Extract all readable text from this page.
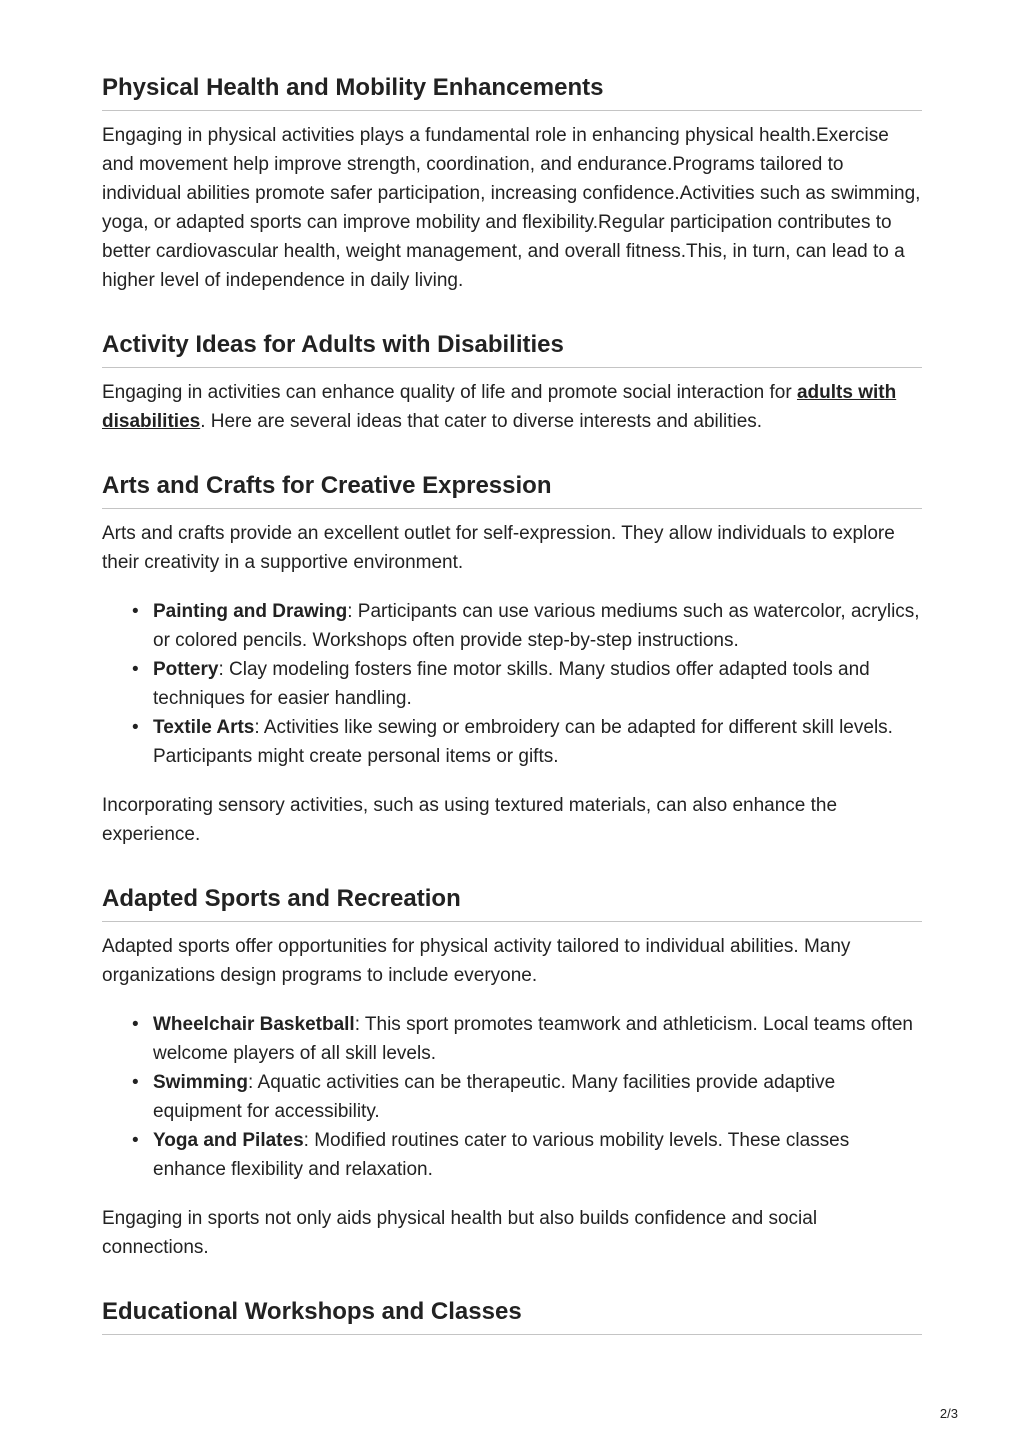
Physical Health and Mobility Enhancements

Engaging in physical activities plays a fundamental role in enhancing physical health.Exercise and movement help improve strength, coordination, and endurance.Programs tailored to individual abilities promote safer participation, increasing confidence.Activities such as swimming, yoga, or adapted sports can improve mobility and flexibility.Regular participation contributes to better cardiovascular health, weight management, and overall fitness.This, in turn, can lead to a higher level of independence in daily living.

Activity Ideas for Adults with Disabilities

Engaging in activities can enhance quality of life and promote social interaction for adults with disabilities. Here are several ideas that cater to diverse interests and abilities.

Arts and Crafts for Creative Expression

Arts and crafts provide an excellent outlet for self-expression. They allow individuals to explore their creativity in a supportive environment.

• Painting and Drawing: Participants can use various mediums such as watercolor, acrylics, or colored pencils. Workshops often provide step-by-step instructions.
• Pottery: Clay modeling fosters fine motor skills. Many studios offer adapted tools and techniques for easier handling.
• Textile Arts: Activities like sewing or embroidery can be adapted for different skill levels. Participants might create personal items or gifts.

Incorporating sensory activities, such as using textured materials, can also enhance the experience.

Adapted Sports and Recreation

Adapted sports offer opportunities for physical activity tailored to individual abilities. Many organizations design programs to include everyone.

• Wheelchair Basketball: This sport promotes teamwork and athleticism. Local teams often welcome players of all skill levels.
• Swimming: Aquatic activities can be therapeutic. Many facilities provide adaptive equipment for accessibility.
• Yoga and Pilates: Modified routines cater to various mobility levels. These classes enhance flexibility and relaxation.

Engaging in sports not only aids physical health but also builds confidence and social connections.

Educational Workshops and Classes
2/3
